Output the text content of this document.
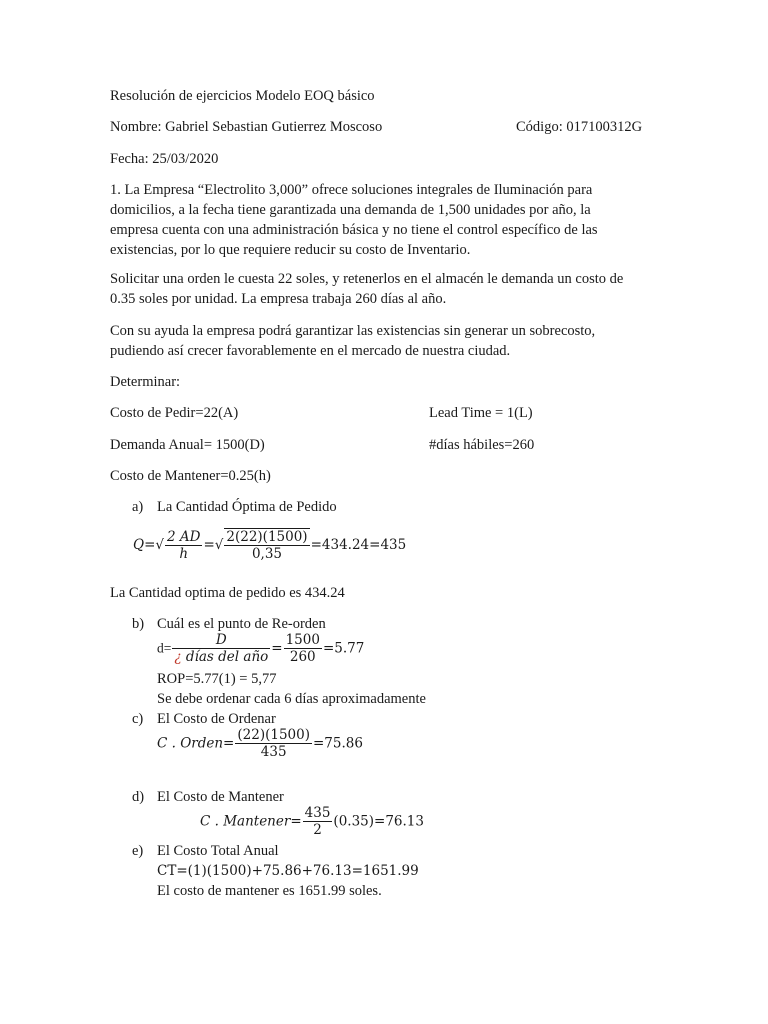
Resolución de ejercicios Modelo EOQ básico
Nombre: Gabriel Sebastian Gutierrez Moscoso	Código: 017100312G
Fecha: 25/03/2020
1. La Empresa “Electrolito 3,000” ofrece soluciones integrales de Iluminación para
domicilios, a la fecha tiene garantizada una demanda de 1,500 unidades por año, la
empresa cuenta con una administración básica y no tiene el control específico de las
existencias, por lo que requiere reducir su costo de Inventario.
Solicitar una orden le cuesta 22 soles, y retenerlos en el almacén le demanda un costo de
0.35 soles por unidad. La empresa trabaja 260 días al año.
Con su ayuda la empresa podrá garantizar las existencias sin generar un sobrecosto,
pudiendo así crecer favorablemente en el mercado de nuestra ciudad.
Determinar:
Costo de Pedir=22(A)	Lead Time = 1(L)
Demanda Anual= 1500(D)	#días hábiles=260
Costo de Mantener=0.25(h)
a) La Cantidad Óptima de Pedido
$Q=√ \frac{2 AD}{h}$ =√ $\frac{2(22)(1500)}{0,35} =434.24=435$
La Cantidad optima de pedido es 434.24
b) Cuál es el punto de Re-orden
$d= \frac{D}{\text{¿ días del año}} = \frac{1500}{260} =5.77$
ROP=5.77(1) = 5,77
Se debe ordenar cada 6 días aproximadamente
c) El Costo de Ordenar
C . Orden= $\frac{(22)(1500)}{435} =75.86$
d) El Costo de Mantener
C . Mantener= $\frac{435}{2} (0.35)=76.13$
e) El Costo Total Anual
CT=(1)(1500)+75.86+76.13=1651.99
El costo de mantener es 1651.99 soles.
